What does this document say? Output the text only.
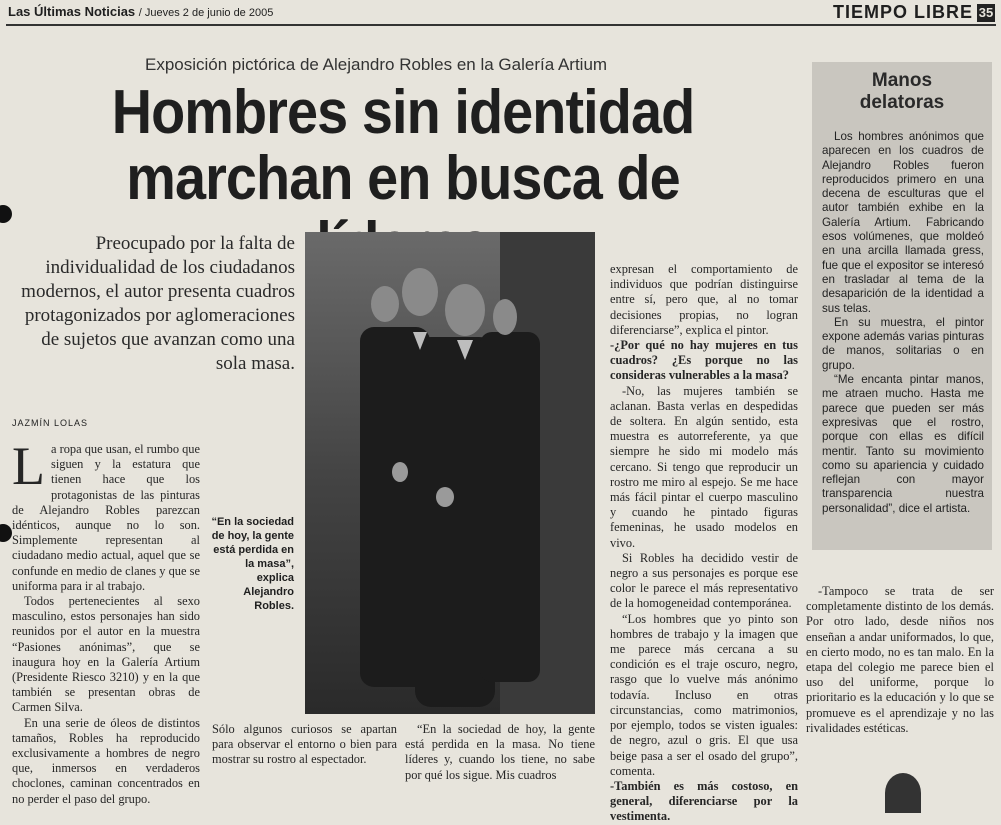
Las Últimas Noticias / Jueves 2 de junio de 2005	TIEMPO LIBRE 35
Exposición pictórica de Alejandro Robles en la Galería Artium
Hombres sin identidad
marchan en busca de
Preocupado por la falta de individualidad de los ciudadanos modernos, el autor presenta cuadros protagonizados por aglomeraciones de sujetos que avanzan como una sola masa.
JAZMÍN LOLAS

La ropa que usan, el rumbo que siguen y la estatura que tienen hace que los protagonistas de las pinturas de Alejandro Robles parezcan idénticos, aunque no lo son. Simplemente representan al ciudadano medio actual, aquel que se confunde en medio de clanes y que se uniforma para ir al trabajo.

Todos pertenecientes al sexo masculino, estos personajes han sido reunidos por el autor en la muestra “Pasiones anónimas”, que se inaugura hoy en la Galería Artium (Presidente Riesco 3210) y en la que también se presentan obras de Carmen Silva.

En una serie de óleos de distintos tamaños, Robles ha reproducido exclusivamente a hombres de negro que, inmersos en verdaderos choclones, caminan concentrados en no perder el paso del grupo.

“En la sociedad de hoy, la gente está perdida en la masa”, explica Alejandro Robles.

Sólo algunos curiosos se apartan para observar el entorno o bien para mostrar su rostro al espectador.

“En la sociedad de hoy, la gente está perdida en la masa. No tiene líderes y, cuando los tiene, no sabe por qué los sigue. Mis cuadros

expresan el comportamiento de individuos que podrían distinguirse entre sí, pero que, al no tomar decisiones propias, no logran diferenciarse”, explica el pintor.

-¿Por qué no hay mujeres en tus cuadros? ¿Es porque no las consideras vulnerables a la masa?

-No, las mujeres también se aclanan. Basta verlas en despedidas de soltera. En algún sentido, esta muestra es autorreferente, ya que siempre he sido mi modelo más cercano. Si tengo que reproducir un rostro me miro al espejo. Se me hace más fácil pintar el cuerpo masculino y cuando he pintado figuras femeninas, he usado modelos en vivo.

Si Robles ha decidido vestir de negro a sus personajes es porque ese color le parece el más representativo de la homogeneidad contemporánea.

“Los hombres que yo pinto son hombres de trabajo y la imagen que me parece más cercana a su condición es el traje oscuro, negro, rasgo que lo vuelve más anónimo todavía. Incluso en otras circunstancias, como matrimonios, por ejemplo, todos se visten iguales: de negro, azul o gris. El que usa beige pasa a ser el osado del grupo”, comenta.

-También es más costoso, en general, diferenciarse por la vestimenta.

Manos delatoras

Los hombres anónimos que aparecen en los cuadros de Alejandro Robles fueron reproducidos primero en una decena de esculturas que el autor también exhibe en la Galería Artium. Fabricando esos volúmenes, que moldeó en una arcilla llamada gress, fue que el expositor se interesó en trasladar al tema de la desaparición de la identidad a sus telas.

En su muestra, el pintor expone además varias pinturas de manos, solitarias o en grupo.

“Me encanta pintar manos, me atraen mucho. Hasta me parece que pueden ser más expresivas que el rostro, porque con ellas es difícil mentir. Tanto su movimiento como su apariencia y cuidado reflejan con mayor transparencia nuestra personalidad”, dice el artista.

-Tampoco se trata de ser completamente distinto de los demás. Por otro lado, desde niños nos enseñan a andar uniformados, lo que, en cierto modo, no es tan malo. En la etapa del colegio me parece bien el uso del uniforme, porque lo prioritario es la educación y lo que se promueve es el aprendizaje y no las rivalidades estéticas.
